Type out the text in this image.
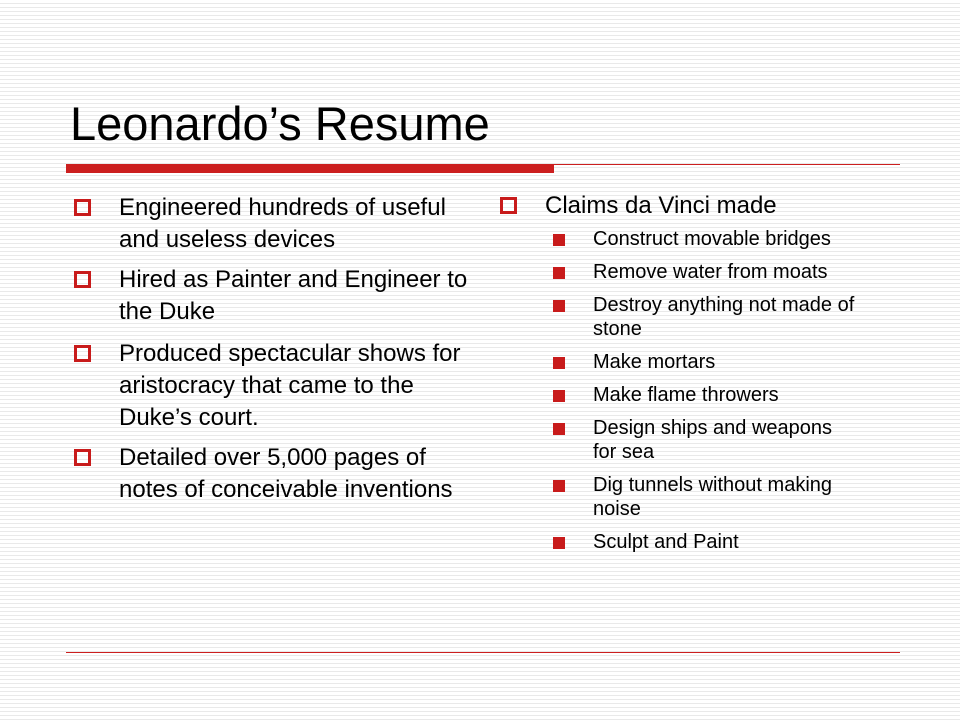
Leonardo’s Resume
Engineered hundreds of useful and useless devices
Hired as Painter and Engineer to the Duke
Produced spectacular shows for aristocracy that came to the Duke’s court.
Detailed over 5,000 pages of notes of conceivable inventions
Claims da Vinci made
Construct movable bridges
Remove water from moats
Destroy anything not made of stone
Make mortars
Make flame throwers
Design ships and weapons for sea
Dig tunnels without making noise
Sculpt and Paint
